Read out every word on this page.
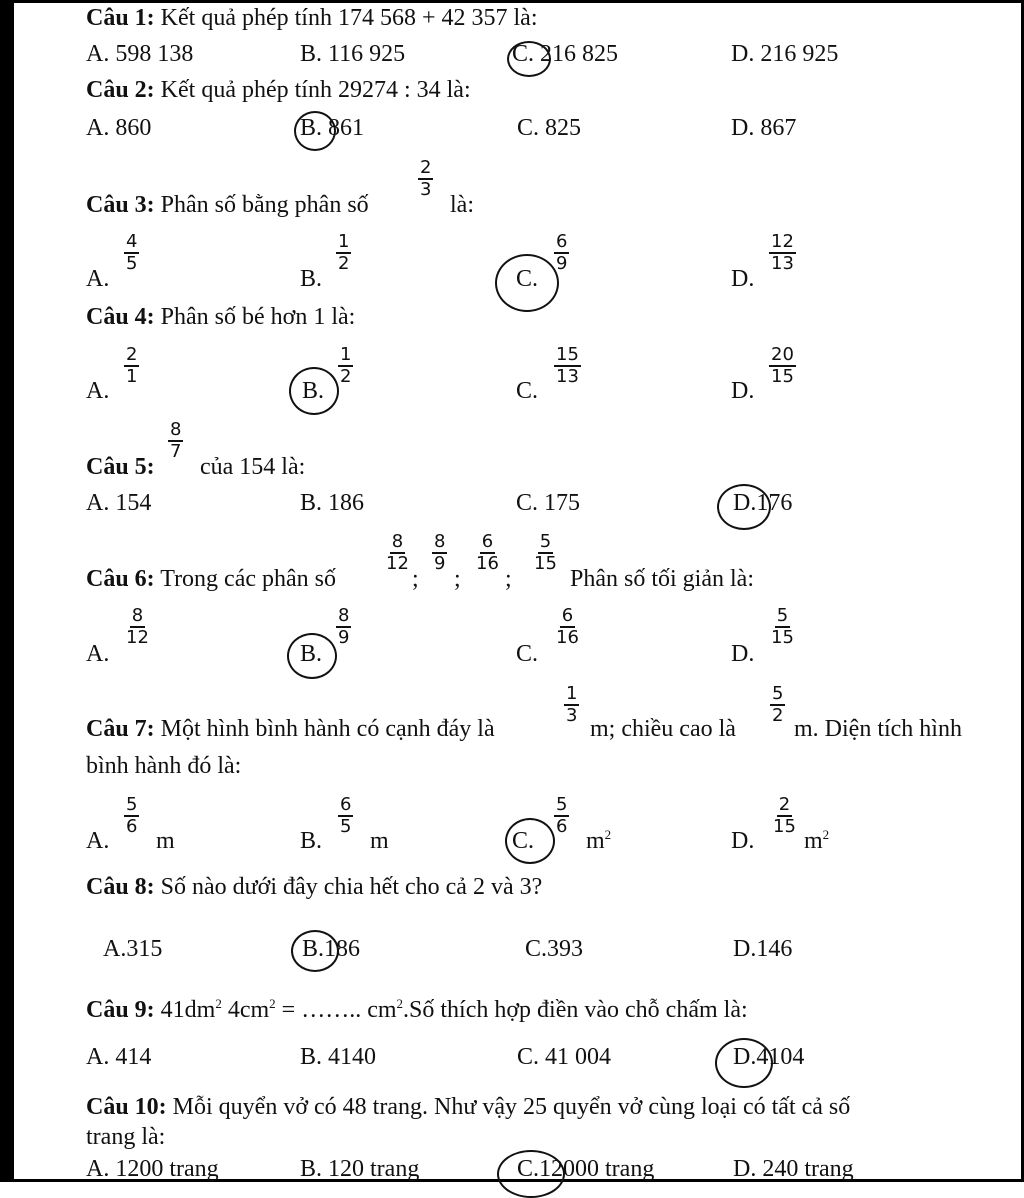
Câu 1: Kết quả phép tính 174 568 + 42 357 là:
A. 598 138	B. 116 925	C. 216 825	D. 216 925
Câu 2: Kết quả phép tính 29274 : 34 là:
A. 860	B. 861	C. 825	D. 867
Câu 3: Phân số bằng phân số
$\frac{2}{3}$
là:
A.
$\frac{4}{5}$
B.
$\frac{1}{2}$
C.
$\frac{6}{9}$
D.
$\frac{12}{13}$
Câu 4: Phân số bé hơn 1 là:
A.
$\frac{2}{1}$
B.
$\frac{1}{2}$
C.
$\frac{15}{13}$
D.
$\frac{20}{15}$
Câu 5:
$\frac{8}{7}$
của 154 là:
A. 154	B. 186	C. 175	D.176
Câu 6: Trong các phân số
$\frac{8}{12}$
;
$\frac{8}{9}$
;
$\frac{6}{16}$
;
$\frac{5}{15}$
Phân số tối giản là:
A.
$\frac{8}{12}$
B.
$\frac{8}{9}$
C.
$\frac{6}{16}$
D.
$\frac{5}{15}$
Câu 7: Một hình bình hành có cạnh đáy là
$\frac{1}{3}$
m; chiều cao là
$\frac{5}{2}$
m. Diện tích hình
bình hành đó là:
A.
$\frac{5}{6}$
m	B.
$\frac{6}{5}$
m	C.
$\frac{5}{6}$
$m^2$	D.
$\frac{2}{15}$
$m^2$
Câu 8: Số nào dưới đây chia hết cho cả 2 và 3?
A.315	B.186	C.393	D.146
Câu 9: $41dm^2$ $4cm^2$ = …….. $cm^2.Số$ thích hợp điền vào chỗ chấm là:
A. 414	B. 4140	C. 41 004	D.4104
Câu 10: Mỗi quyển vở có 48 trang. Như vậy 25 quyển vở cùng loại có tất cả số
trang là:
A. 1200 trang	B. 120 trang	C.12000 trang	D. 240 trang
